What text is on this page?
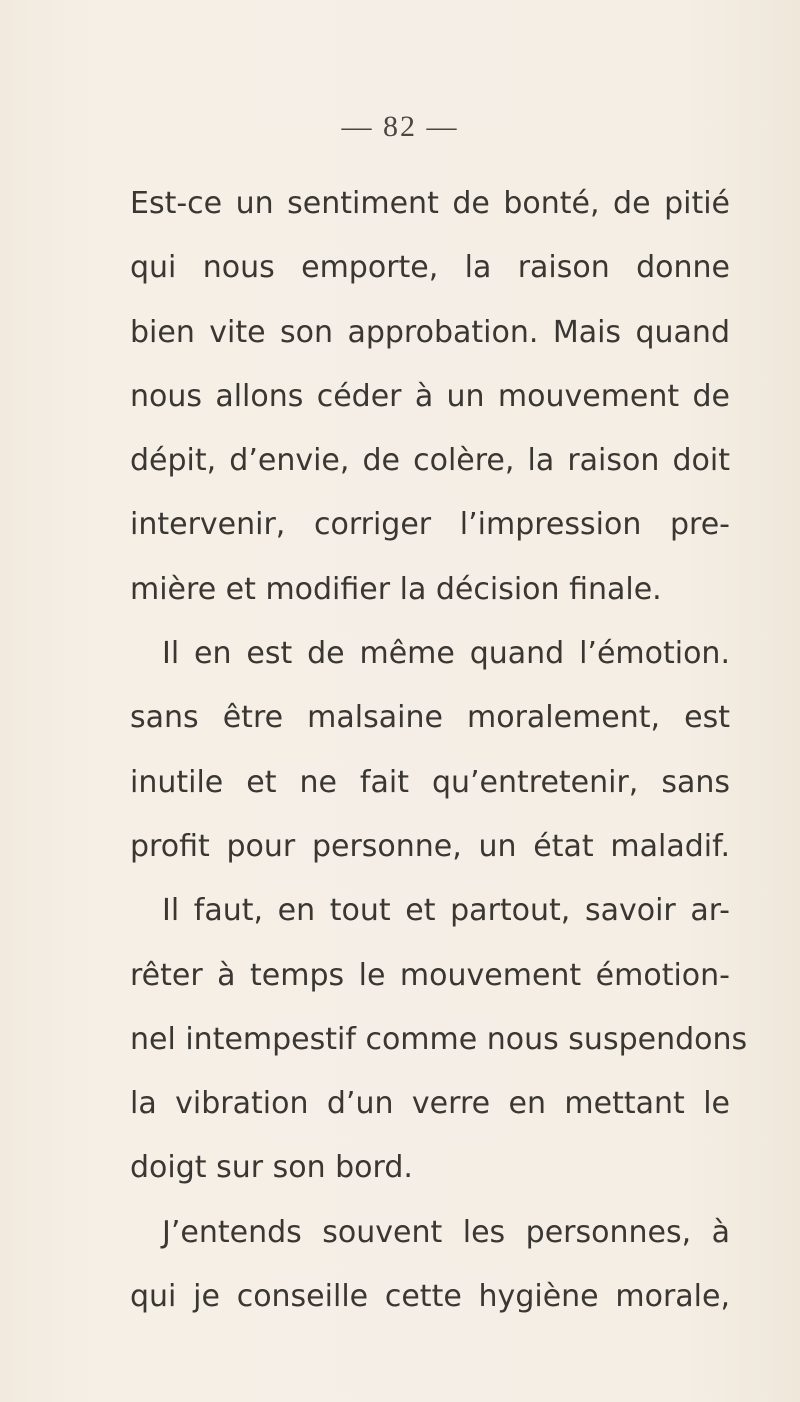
— 82 —
Est-ce un sentiment de bonté, de pitié
qui nous emporte, la raison donne
bien vite son approbation. Mais quand
nous allons céder à un mouvement de
dépit, d’envie, de colère, la raison doit
intervenir, corriger l’impression pre-
mière et modifier la décision finale.
Il en est de même quand l’émotion.
sans être malsaine moralement, est
inutile et ne fait qu’entretenir, sans
profit pour personne, un état maladif.
Il faut, en tout et partout, savoir ar-
rêter à temps le mouvement émotion-
nel intempestif comme nous suspendons
la vibration d’un verre en mettant le
doigt sur son bord.
J’entends souvent les personnes, à
qui je conseille cette hygiène morale,
